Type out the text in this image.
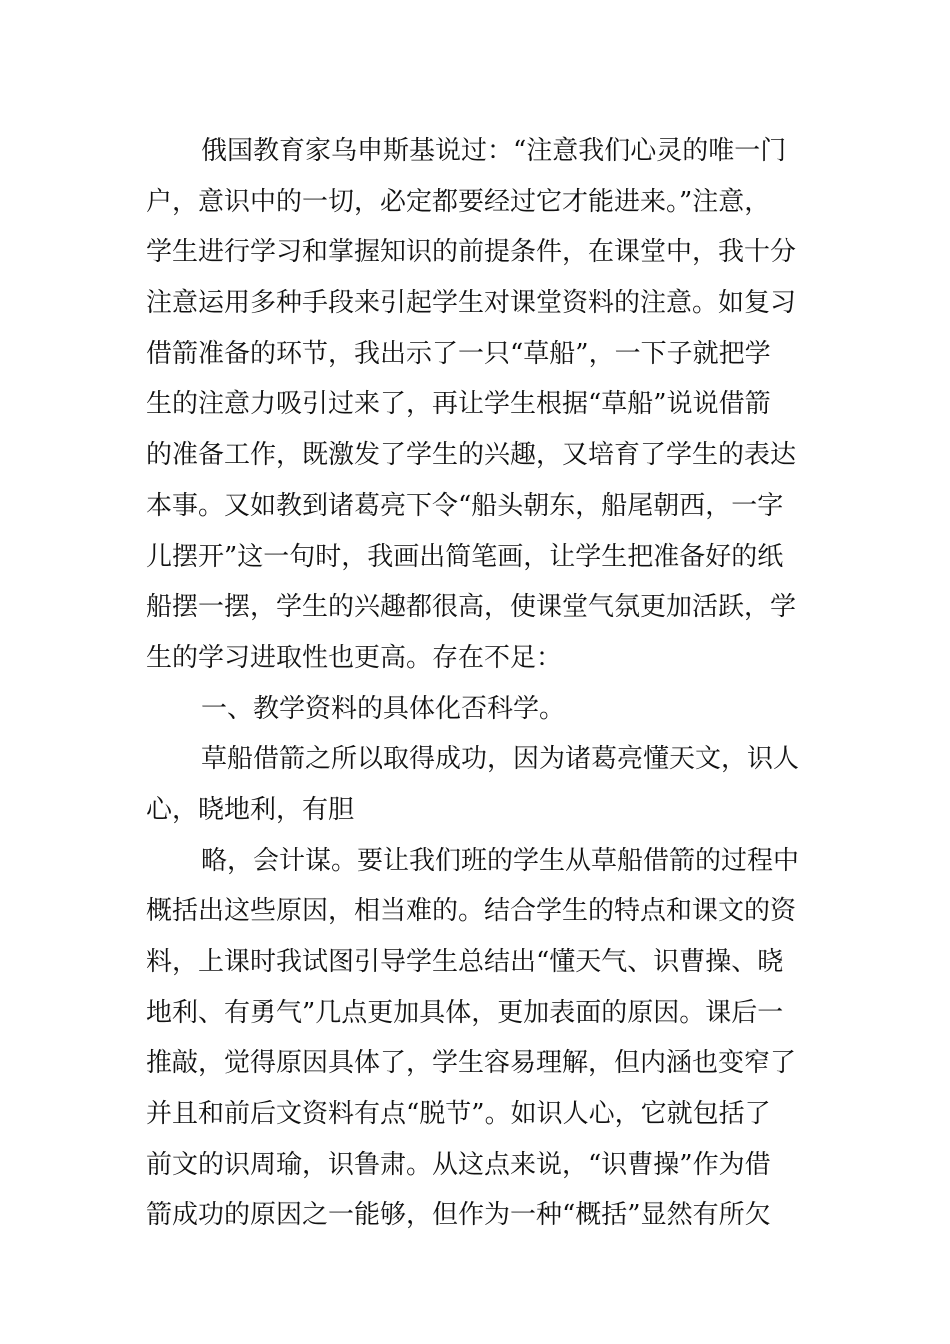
俄国教育家乌申斯基说过：“注意我们心灵的唯一门
户，意识中的一切，必定都要经过它才能进来。”注意，
学生进行学习和掌握知识的前提条件，在课堂中，我十分
注意运用多种手段来引起学生对课堂资料的注意。如复习
借箭准备的环节，我出示了一只“草船”，一下子就把学
生的注意力吸引过来了，再让学生根据“草船”说说借箭
的准备工作，既激发了学生的兴趣，又培育了学生的表达
本事。又如教到诸葛亮下令“船头朝东，船尾朝西，一字
儿摆开”这一句时，我画出简笔画，让学生把准备好的纸
船摆一摆，学生的兴趣都很高，使课堂气氛更加活跃，学
生的学习进取性也更高。存在不足：
一、教学资料的具体化否科学。
草船借箭之所以取得成功，因为诸葛亮懂天文，识人
心，晓地利，有胆
略，会计谋。要让我们班的学生从草船借箭的过程中
概括出这些原因，相当难的。结合学生的特点和课文的资
料，上课时我试图引导学生总结出“懂天气、识曹操、晓
地利、有勇气”几点更加具体，更加表面的原因。课后一
推敲，觉得原因具体了，学生容易理解，但内涵也变窄了
并且和前后文资料有点“脱节”。如识人心，它就包括了
前文的识周瑜，识鲁肃。从这点来说，“识曹操”作为借
箭成功的原因之一能够，但作为一种“概括”显然有所欠
